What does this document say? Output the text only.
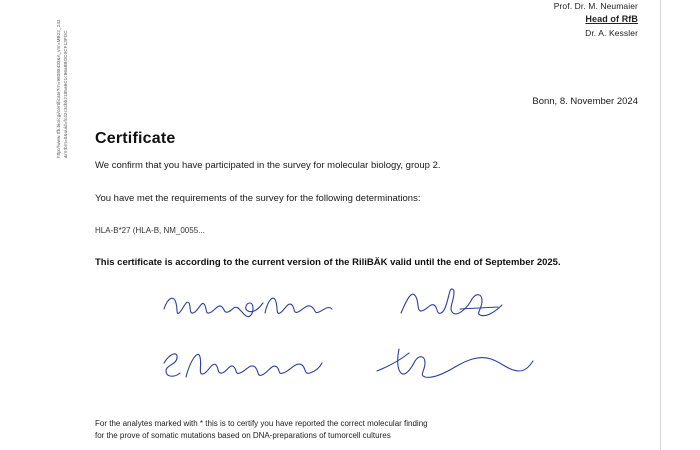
Prof. Dr. M. Neumaier
Head of RfB
Dr. A. Kessler
Bonn, 8. November 2024
Certificate

We confirm that you have participated in the survey for molecular biology, group 2.

You have met the requirements of the survey for the following determinations:

HLA-B*27 (HLA-B, NM_0055...

This certificate is according to the current version of the RiliBÄK valid until the end of September 2025.

For the analytes marked with * this is to certify you have reported the correct molecular finding
for the prove of somatic mutations based on DNA-preparations of tumorcell cultures
http://www.rfb.bio/cgi/certificate?rn=98088433&n_vnr=MB22_242 &rnrbrn=0&uuid=fc42c3cbb2185a6C1c86a8BOC0CF13FDC
